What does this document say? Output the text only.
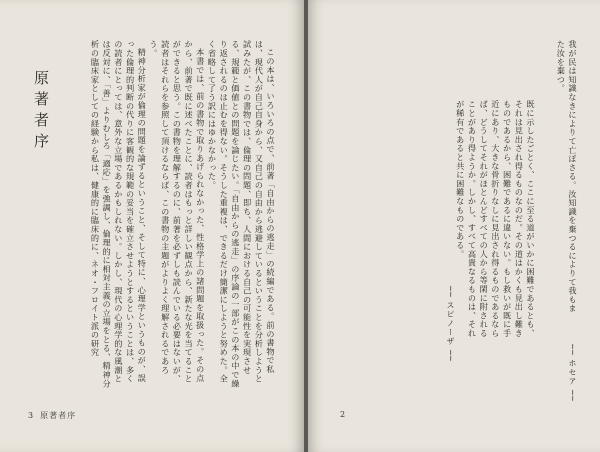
この本は、いろいろの点で、前著「自由からの逃走」の続編である。前の書物で私は、現代人が自己自身から、又自己の自由から逃避しているということを分析しようと試みたが、この書物では、倫理の問題、即ち、人間における自己の可能性を実現させる、規範と価値との問題を論じたい。「自由からの逃走」の序論の一部がこの本の中で繰り返されるのは止むを得ない。そうした重複は、できるだけ簡潔にしようと努めた。全く省略して了う訳にはゆかなかった。

本書では、前の書物で取りあげられなかった、性格学上の諸問題を取扱った。その点から、前著で既に述べたことに、読者はもっと詳しい観点から、新たな光を当てることができると思う。この書物を理解するのに、前著を必ずしも読んでいる必要はないが、読者はそれらを参照して頂けるならば、この書物の主題がよりよく理解されるであろう。

精神分析家が倫理の問題を論ずるということ、そして特に、心理学というものが、誤った倫理的判断の代りに客観的な規範の妥当を確立させようとするということは、多くの読者にとっては、意外な立場であるかもしれない。しかし、現代の心理学的な風潮とは反対に、「善」よりむしろ「適応」を強調し、倫理的に相対主義の立場をとる、精神分析の臨床家としての経験から私は、健康的に臨床的に、ネオ・フロイト派の研究

原著者序
3 原著者序
我が民は知識なきによりて亡ぼさる。汝知識を棄つるによりて我もまた汝を棄つ。
── ホセア ──
既に示したごとく、ここに至る道がいかに困難であるとも、それは見出され得るものなのだ。その道はかくも見出し難きものであるから、困難であるに違いない。もし救いが既に手近にあり、大きな骨折りなしに見出され得るものであるならば、どうしてそれがほとんどすべての人から等閑に附されることがあり得ようか。しかし、すべて高貴なるものは、それが稀有であると共に困難なものである。
── スピノーザ ──
2
